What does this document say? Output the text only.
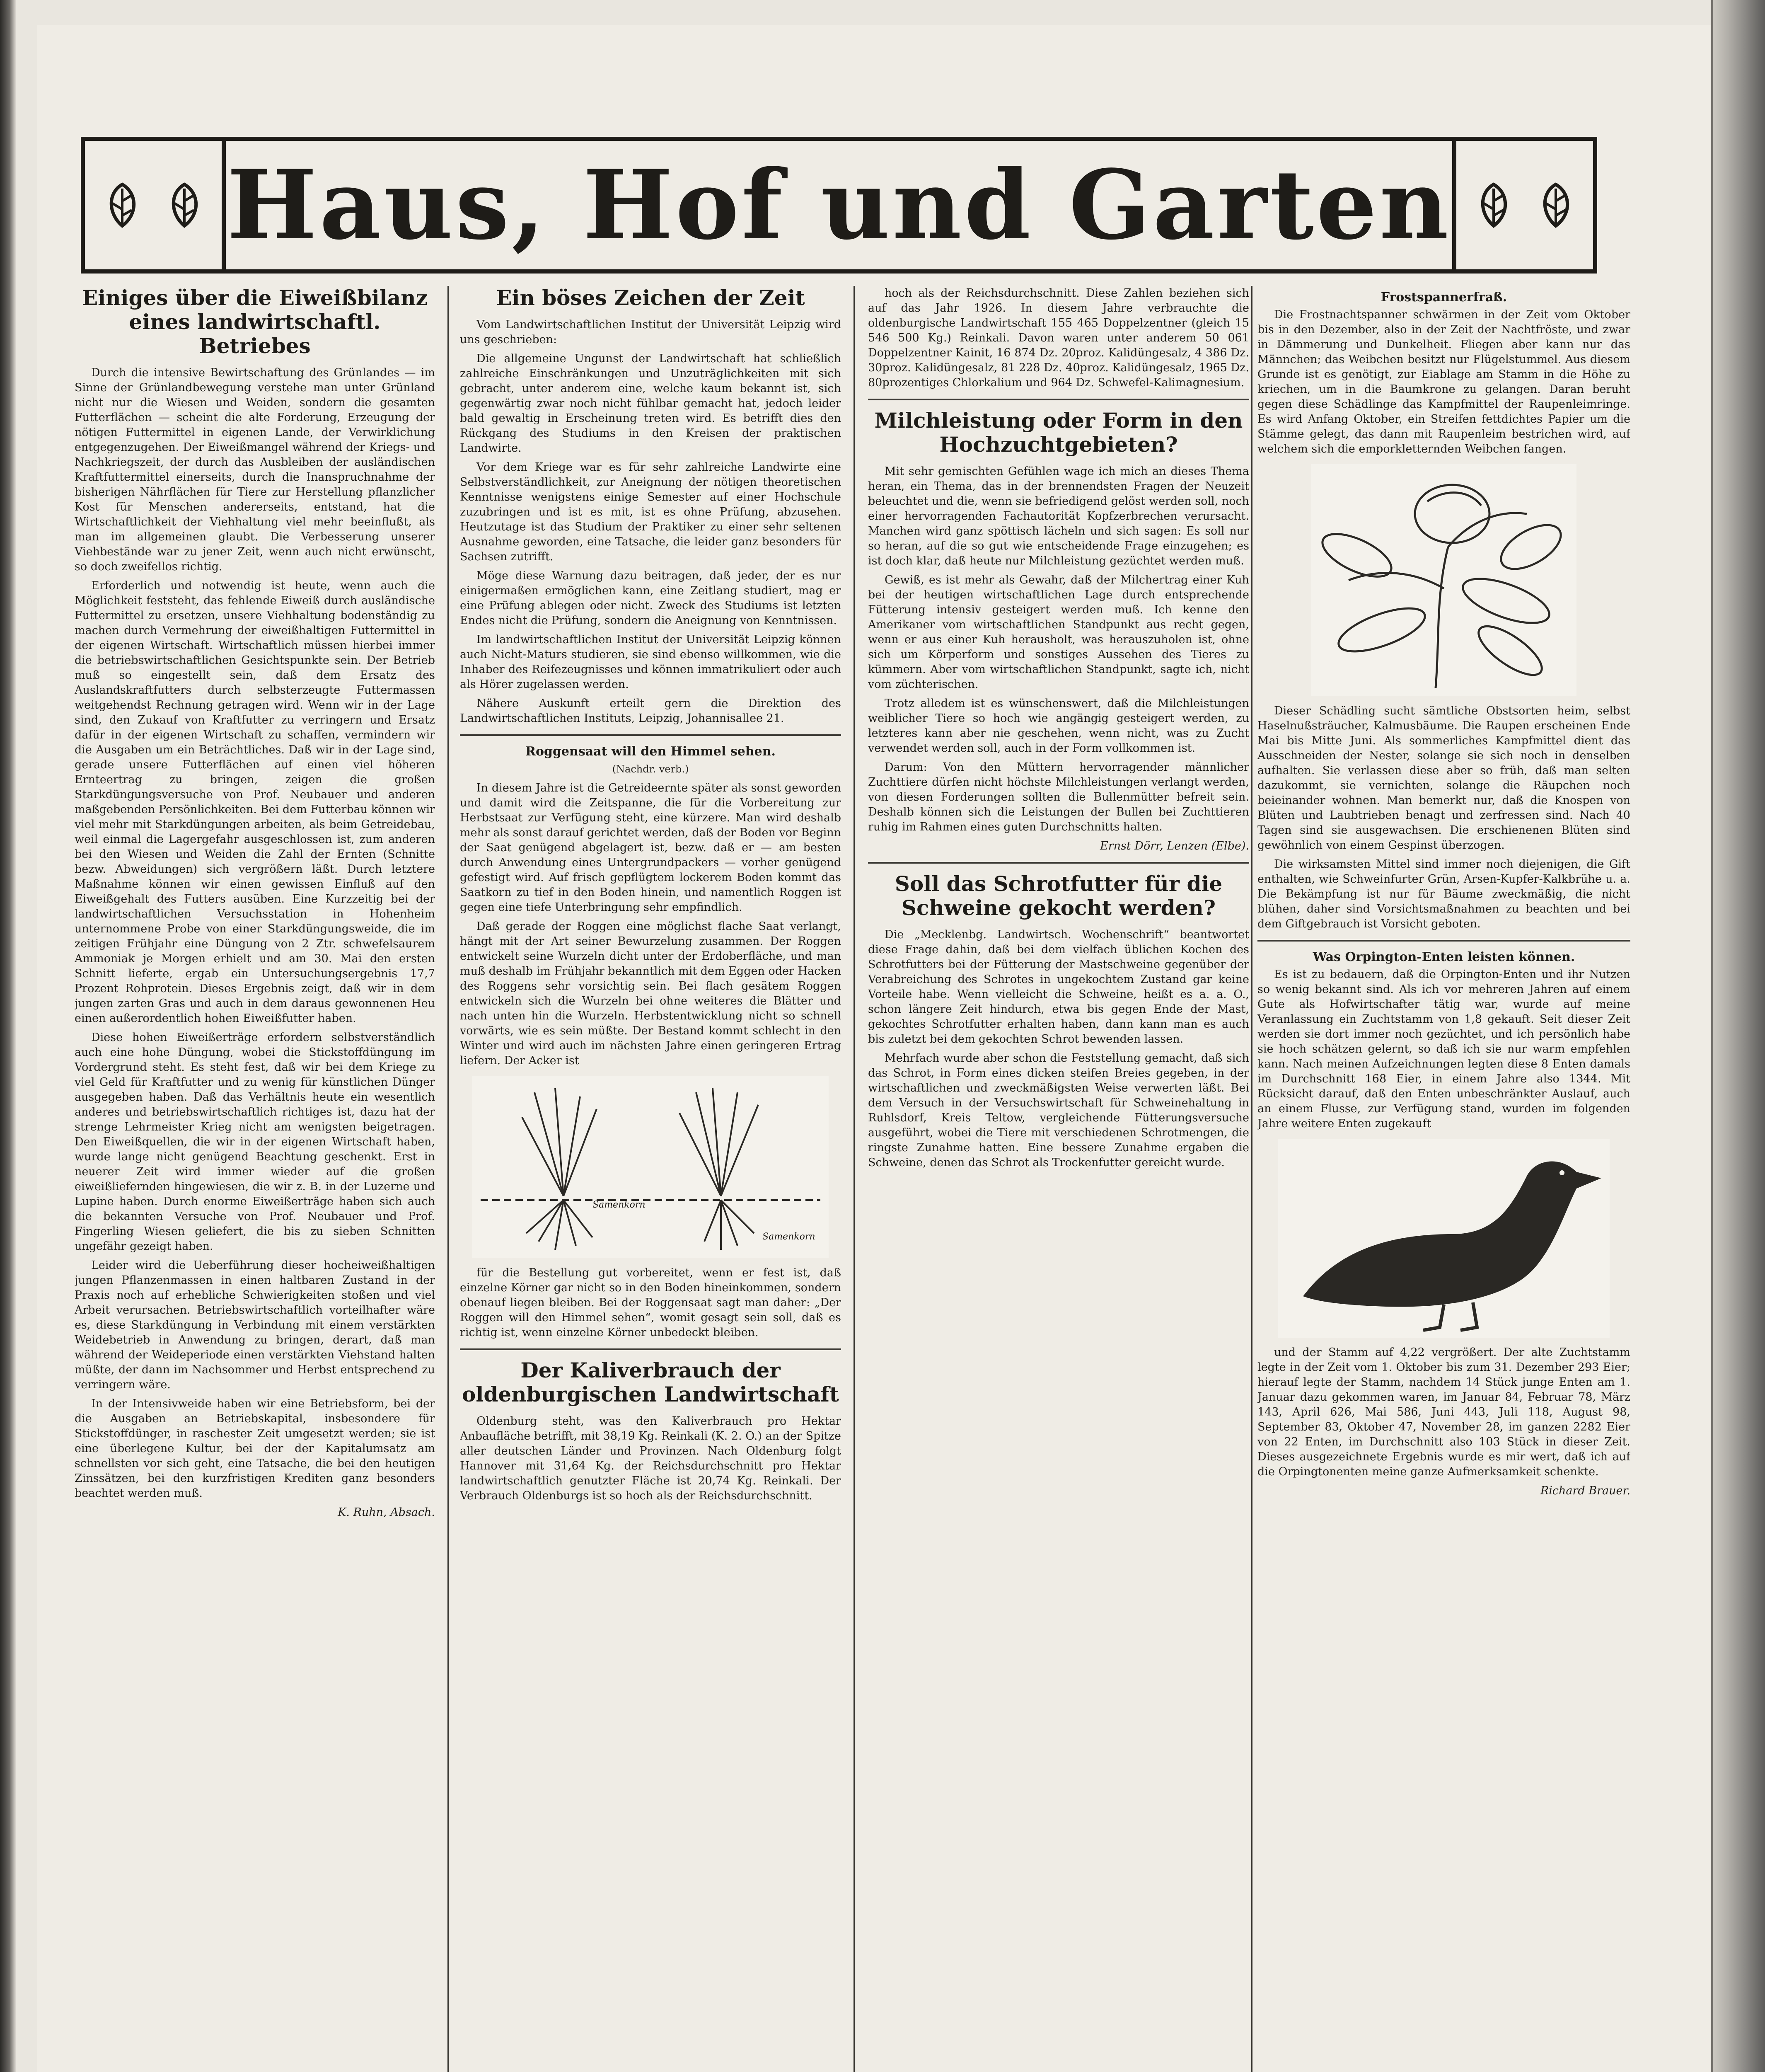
Haus, Hof und Garten
Einiges über die Eiweißbilanz eines landwirtschaftl. Betriebes

Durch die intensive Bewirtschaftung des Grünlandes — im Sinne der Grünlandbewegung verstehe man unter Grünland nicht nur die Wiesen und Weiden, sondern die gesamten Futterflächen — scheint die alte Forderung, Erzeugung der nötigen Futtermittel in eigenen Lande, der Verwirklichung entgegenzugehen. Der Eiweißmangel während der Kriegs- und Nachkriegszeit, der durch das Ausbleiben der ausländischen Kraftfuttermittel einerseits, durch die Inanspruchnahme der bisherigen Nährflächen für Tiere zur Herstellung pflanzlicher Kost für Menschen andererseits, entstand, hat die Wirtschaftlichkeit der Viehhaltung viel mehr beeinflußt, als man im allgemeinen glaubt. Die Verbesserung unserer Viehbestände war zu jener Zeit, wenn auch nicht erwünscht, so doch zweifellos richtig.

Erforderlich und notwendig ist heute, wenn auch die Möglichkeit feststeht, das fehlende Eiweiß durch ausländische Futtermittel zu ersetzen, unsere Viehhaltung bodenständig zu machen durch Vermehrung der eiweißhaltigen Futtermittel in der eigenen Wirtschaft. Wirtschaftlich müssen hierbei immer die betriebswirtschaftlichen Gesichtspunkte sein. Der Betrieb muß so eingestellt sein, daß dem Ersatz des Auslandskraftfutters durch selbsterzeugte Futtermassen weitgehendst Rechnung getragen wird. Wenn wir in der Lage sind, den Zukauf von Kraftfutter zu verringern und Ersatz dafür in der eigenen Wirtschaft zu schaffen, vermindern wir die Ausgaben um ein Beträchtliches. Daß wir in der Lage sind, gerade unsere Futterflächen auf einen viel höheren Ernteertrag zu bringen, zeigen die großen Starkdüngungsversuche von Prof. Neubauer und anderen maßgebenden Persönlichkeiten. Bei dem Futterbau können wir viel mehr mit Starkdüngungen arbeiten, als beim Getreidebau, weil einmal die Lagergefahr ausgeschlossen ist, zum anderen bei den Wiesen und Weiden die Zahl der Ernten (Schnitte bezw. Abweidungen) sich vergrößern läßt. Durch letztere Maßnahme können wir einen gewissen Einfluß auf den Eiweißgehalt des Futters ausüben. Eine Kurzzeitig bei der landwirtschaftlichen Versuchsstation in Hohenheim unternommene Probe von einer Starkdüngungsweide, die im zeitigen Frühjahr eine Düngung von 2 Ztr. schwefelsaurem Ammoniak je Morgen erhielt und am 30. Mai den ersten Schnitt lieferte, ergab ein Untersuchungsergebnis 17,7 Prozent Rohprotein. Dieses Ergebnis zeigt, daß wir in dem jungen zarten Gras und auch in dem daraus gewonnenen Heu einen außerordentlich hohen Eiweißfutter haben.

Diese hohen Eiweißerträge erfordern selbstverständlich auch eine hohe Düngung, wobei die Stickstoffdüngung im Vordergrund steht. Es steht fest, daß wir bei dem Kriege zu viel Geld für Kraftfutter und zu wenig für künstlichen Dünger ausgegeben haben. Daß das Verhältnis heute ein wesentlich anderes und betriebswirtschaftlich richtiges ist, dazu hat der strenge Lehrmeister Krieg nicht am wenigsten beigetragen. Den Eiweißquellen, die wir in der eigenen Wirtschaft haben, wurde lange nicht genügend Beachtung geschenkt. Erst in neuerer Zeit wird immer wieder auf die großen eiweißliefernden hingewiesen, die wir z. B. in der Luzerne und Lupine haben. Durch enorme Eiweißerträge haben sich auch die bekannten Versuche von Prof. Neubauer und Prof. Fingerling Wiesen geliefert, die bis zu sieben Schnitten ungefähr gezeigt haben.

Leider wird die Ueberführung dieser hocheiweißhaltigen jungen Pflanzenmassen in einen haltbaren Zustand in der Praxis noch auf erhebliche Schwierigkeiten stoßen und viel Arbeit verursachen. Betriebswirtschaftlich vorteilhafter wäre es, diese Starkdüngung in Verbindung mit einem verstärkten Weidebetrieb in Anwendung zu bringen, derart, daß man während der Weideperiode einen verstärkten Viehstand halten müßte, der dann im Nachsommer und Herbst entsprechend zu verringern wäre.

In der Intensivweide haben wir eine Betriebsform, bei der die Ausgaben an Betriebskapital, insbesondere für Stickstoffdünger, in raschester Zeit umgesetzt werden; sie ist eine überlegene Kultur, bei der der Kapitalumsatz am schnellsten vor sich geht, eine Tatsache, die bei den heutigen Zinssätzen, bei den kurzfristigen Krediten ganz besonders beachtet werden muß.

K. Ruhn, Absach.
Ein böses Zeichen der Zeit

Vom Landwirtschaftlichen Institut der Universität Leipzig wird uns geschrieben:

Die allgemeine Ungunst der Landwirtschaft hat schließlich zahlreiche Einschränkungen und Unzuträglichkeiten mit sich gebracht, unter anderem eine, welche kaum bekannt ist, sich gegenwärtig zwar noch nicht fühlbar gemacht hat, jedoch leider bald gewaltig in Erscheinung treten wird. Es betrifft dies den Rückgang des Studiums in den Kreisen der praktischen Landwirte.

Vor dem Kriege war es für sehr zahlreiche Landwirte eine Selbstverständlichkeit, zur Aneignung der nötigen theoretischen Kenntnisse wenigstens einige Semester auf einer Hochschule zuzubringen und ist es mit, ist es ohne Prüfung, abzusehen. Heutzutage ist das Studium der Praktiker zu einer sehr seltenen Ausnahme geworden, eine Tatsache, die leider ganz besonders für Sachsen zutrifft.

Möge diese Warnung dazu beitragen, daß jeder, der es nur einigermaßen ermöglichen kann, eine Zeitlang studiert, mag er eine Prüfung ablegen oder nicht. Zweck des Studiums ist letzten Endes nicht die Prüfung, sondern die Aneignung von Kenntnissen.

Im landwirtschaftlichen Institut der Universität Leipzig können auch Nicht-Maturs studieren, sie sind ebenso willkommen, wie die Inhaber des Reifezeugnisses und können immatrikuliert oder auch als Hörer zugelassen werden.

Nähere Auskunft erteilt gern die Direktion des Landwirtschaftlichen Instituts, Leipzig, Johannisallee 21.

Roggensaat will den Himmel sehen.
(Nachdr. verb.)

In diesem Jahre ist die Getreideernte später als sonst geworden und damit wird die Zeitspanne, die für die Vorbereitung zur Herbstsaat zur Verfügung steht, eine kürzere. Man wird deshalb mehr als sonst darauf gerichtet werden, daß der Boden vor Beginn der Saat genügend abgelagert ist, bezw. daß er — am besten durch Anwendung eines Untergrundpackers — vorher genügend gefestigt wird. Auf frisch gepflügtem lockerem Boden kommt das Saatkorn zu tief in den Boden hinein, und namentlich Roggen ist gegen eine tiefe Unterbringung sehr empfindlich.

Daß gerade der Roggen eine möglichst flache Saat verlangt, hängt mit der Art seiner Bewurzelung zusammen. Der Roggen entwickelt seine Wurzeln dicht unter der Erdoberfläche, und man muß deshalb im Frühjahr bekanntlich mit dem Eggen oder Hacken des Roggens sehr vorsichtig sein. Bei flach gesätem Roggen entwickeln sich die Wurzeln bei ohne weiteres die Blätter und nach unten hin die Wurzeln. Herbstentwicklung nicht so schnell vorwärts, wie es sein müßte. Der Bestand kommt schlecht in den Winter und wird auch im nächsten Jahre einen geringeren Ertrag liefern. Der Acker ist

Samenkorn
Samenkorn

für die Bestellung gut vorbereitet, wenn er fest ist, daß einzelne Körner gar nicht so in den Boden hineinkommen, sondern obenauf liegen bleiben. Bei der Roggensaat sagt man daher: „Der Roggen will den Himmel sehen“, womit gesagt sein soll, daß es richtig ist, wenn einzelne Körner unbedeckt bleiben.

Der Kaliverbrauch der oldenburgischen Landwirtschaft

Oldenburg steht, was den Kaliverbrauch pro Hektar Anbaufläche betrifft, mit 38,19 Kg. Reinkali (K. 2. O.) an der Spitze aller deutschen Länder und Provinzen. Nach Oldenburg folgt Hannover mit 31,64 Kg. der Reichsdurchschnitt pro Hektar landwirtschaftlich genutzter Fläche ist 20,74 Kg. Reinkali. Der Verbrauch Oldenburgs ist so hoch als der Reichsdurchschnitt.

hoch als der Reichsdurchschnitt. Diese Zahlen beziehen sich auf das Jahr 1926. In diesem Jahre verbrauchte die oldenburgische Landwirtschaft 155 465 Doppelzentner (gleich 15 546 500 Kg.) Reinkali. Davon waren unter anderem 50 061 Doppelzentner Kainit, 16 874 Dz. 20proz. Kalidüngesalz, 4 386 Dz. 30proz. Kalidüngesalz, 81 228 Dz. 40proz. Kalidüngesalz, 1965 Dz. 80prozentiges Chlorkalium und 964 Dz. Schwefel-Kalimagnesium.

Milchleistung oder Form in den Hochzuchtgebieten?

Mit sehr gemischten Gefühlen wage ich mich an dieses Thema heran, ein Thema, das in der brennendsten Fragen der Neuzeit beleuchtet und die, wenn sie befriedigend gelöst werden soll, noch einer hervorragenden Fachautorität Kopfzerbrechen verursacht. Manchen wird ganz spöttisch lächeln und sich sagen: Es soll nur so heran, auf die so gut wie entscheidende Frage einzugehen; es ist doch klar, daß heute nur Milchleistung gezüchtet werden muß.

Gewiß, es ist mehr als Gewahr, daß der Milchertrag einer Kuh bei der heutigen wirtschaftlichen Lage durch entsprechende Fütterung intensiv gesteigert werden muß. Ich kenne den Amerikaner vom wirtschaftlichen Standpunkt aus recht gegen, wenn er aus einer Kuh herausholt, was herauszuholen ist, ohne sich um Körperform und sonstiges Aussehen des Tieres zu kümmern. Aber vom wirtschaftlichen Standpunkt, sagte ich, nicht vom züchterischen.

Trotz alledem ist es wünschenswert, daß die Milchleistungen weiblicher Tiere so hoch wie angängig gesteigert werden, zu letzteres kann aber nie geschehen, wenn nicht, was zu Zucht verwendet werden soll, auch in der Form vollkommen ist.

Darum: Von den Müttern hervorragender männlicher Zuchttiere dürfen nicht höchste Milchleistungen verlangt werden, von diesen Forderungen sollten die Bullenmütter befreit sein. Deshalb können sich die Leistungen der Bullen bei Zuchttieren ruhig im Rahmen eines guten Durchschnitts halten.

Ernst Dörr, Lenzen (Elbe).
Soll das Schrotfutter für die Schweine gekocht werden?

Die „Mecklenbg. Landwirtsch. Wochenschrift“ beantwortet diese Frage dahin, daß bei dem vielfach üblichen Kochen des Schrotfutters bei der Fütterung der Mastschweine gegenüber der Verabreichung des Schrotes in ungekochtem Zustand gar keine Vorteile habe. Wenn vielleicht die Schweine, heißt es a. a. O., schon längere Zeit hindurch, etwa bis gegen Ende der Mast, gekochtes Schrotfutter erhalten haben, dann kann man es auch bis zuletzt bei dem gekochten Schrot bewenden lassen.

Mehrfach wurde aber schon die Feststellung gemacht, daß sich das Schrot, in Form eines dicken steifen Breies gegeben, in der wirtschaftlichen und zweckmäßigsten Weise verwerten läßt. Bei dem Versuch in der Versuchswirtschaft für Schweinehaltung in Ruhlsdorf, Kreis Teltow, vergleichende Fütterungsversuche ausgeführt, wobei die Tiere mit verschiedenen Schrotmengen, die ringste Zunahme hatten. Eine bessere Zunahme ergaben die Schweine, denen das Schrot als Trockenfutter gereicht wurde.

Frostspannerfraß.

Die Frostnachtspanner schwärmen in der Zeit vom Oktober bis in den Dezember, also in der Zeit der Nachtfröste, und zwar in Dämmerung und Dunkelheit. Fliegen aber kann nur das Männchen; das Weibchen besitzt nur Flügelstummel. Aus diesem Grunde ist es genötigt, zur Eiablage am Stamm in die Höhe zu kriechen, um in die Baumkrone zu gelangen. Daran beruht gegen diese Schädlinge das Kampfmittel der Raupenleimringe. Es wird Anfang Oktober, ein Streifen fettdichtes Papier um die Stämme gelegt, das dann mit Raupenleim bestrichen wird, auf welchem sich die emporkletternden Weibchen fangen.

Dieser Schädling sucht sämtliche Obstsorten heim, selbst Haselnußsträucher, Kalmusbäume. Die Raupen erscheinen Ende Mai bis Mitte Juni. Als sommerliches Kampfmittel dient das Ausschneiden der Nester, solange sie sich noch in denselben aufhalten. Sie verlassen diese aber so früh, daß man selten dazukommt, sie vernichten, solange die Räupchen noch beieinander wohnen. Man bemerkt nur, daß die Knospen von Blüten und Laubtrieben benagt und zerfressen sind. Nach 40 Tagen sind sie ausgewachsen. Die erschienenen Blüten sind gewöhnlich von einem Gespinst überzogen.

Die wirksamsten Mittel sind immer noch diejenigen, die Gift enthalten, wie Schweinfurter Grün, Arsen-Kupfer-Kalkbrühe u. a. Die Bekämpfung ist nur für Bäume zweckmäßig, die nicht blühen, daher sind Vorsichtsmaßnahmen zu beachten und bei dem Giftgebrauch ist Vorsicht geboten.

Was Orpington-Enten leisten können.

Es ist zu bedauern, daß die Orpington-Enten und ihr Nutzen so wenig bekannt sind. Als ich vor mehreren Jahren auf einem Gute als Hofwirtschafter tätig war, wurde auf meine Veranlassung ein Zuchtstamm von 1,8 gekauft. Seit dieser Zeit werden sie dort immer noch gezüchtet, und ich persönlich habe sie hoch schätzen gelernt, so daß ich sie nur warm empfehlen kann. Nach meinen Aufzeichnungen legten diese 8 Enten damals im Durchschnitt 168 Eier, in einem Jahre also 1344. Mit Rücksicht darauf, daß den Enten unbeschränkter Auslauf, auch an einem Flusse, zur Verfügung stand, wurden im folgenden Jahre weitere Enten zugekauft

und der Stamm auf 4,22 vergrößert. Der alte Zuchtstamm legte in der Zeit vom 1. Oktober bis zum 31. Dezember 293 Eier; hierauf legte der Stamm, nachdem 14 Stück junge Enten am 1. Januar dazu gekommen waren, im Januar 84, Februar 78, März 143, April 626, Mai 586, Juni 443, Juli 118, August 98, September 83, Oktober 47, November 28, im ganzen 2282 Eier von 22 Enten, im Durchschnitt also 103 Stück in dieser Zeit. Dieses ausgezeichnete Ergebnis wurde es mir wert, daß ich auf die Orpingtonenten meine ganze Aufmerksamkeit schenkte.

Richard Brauer.
